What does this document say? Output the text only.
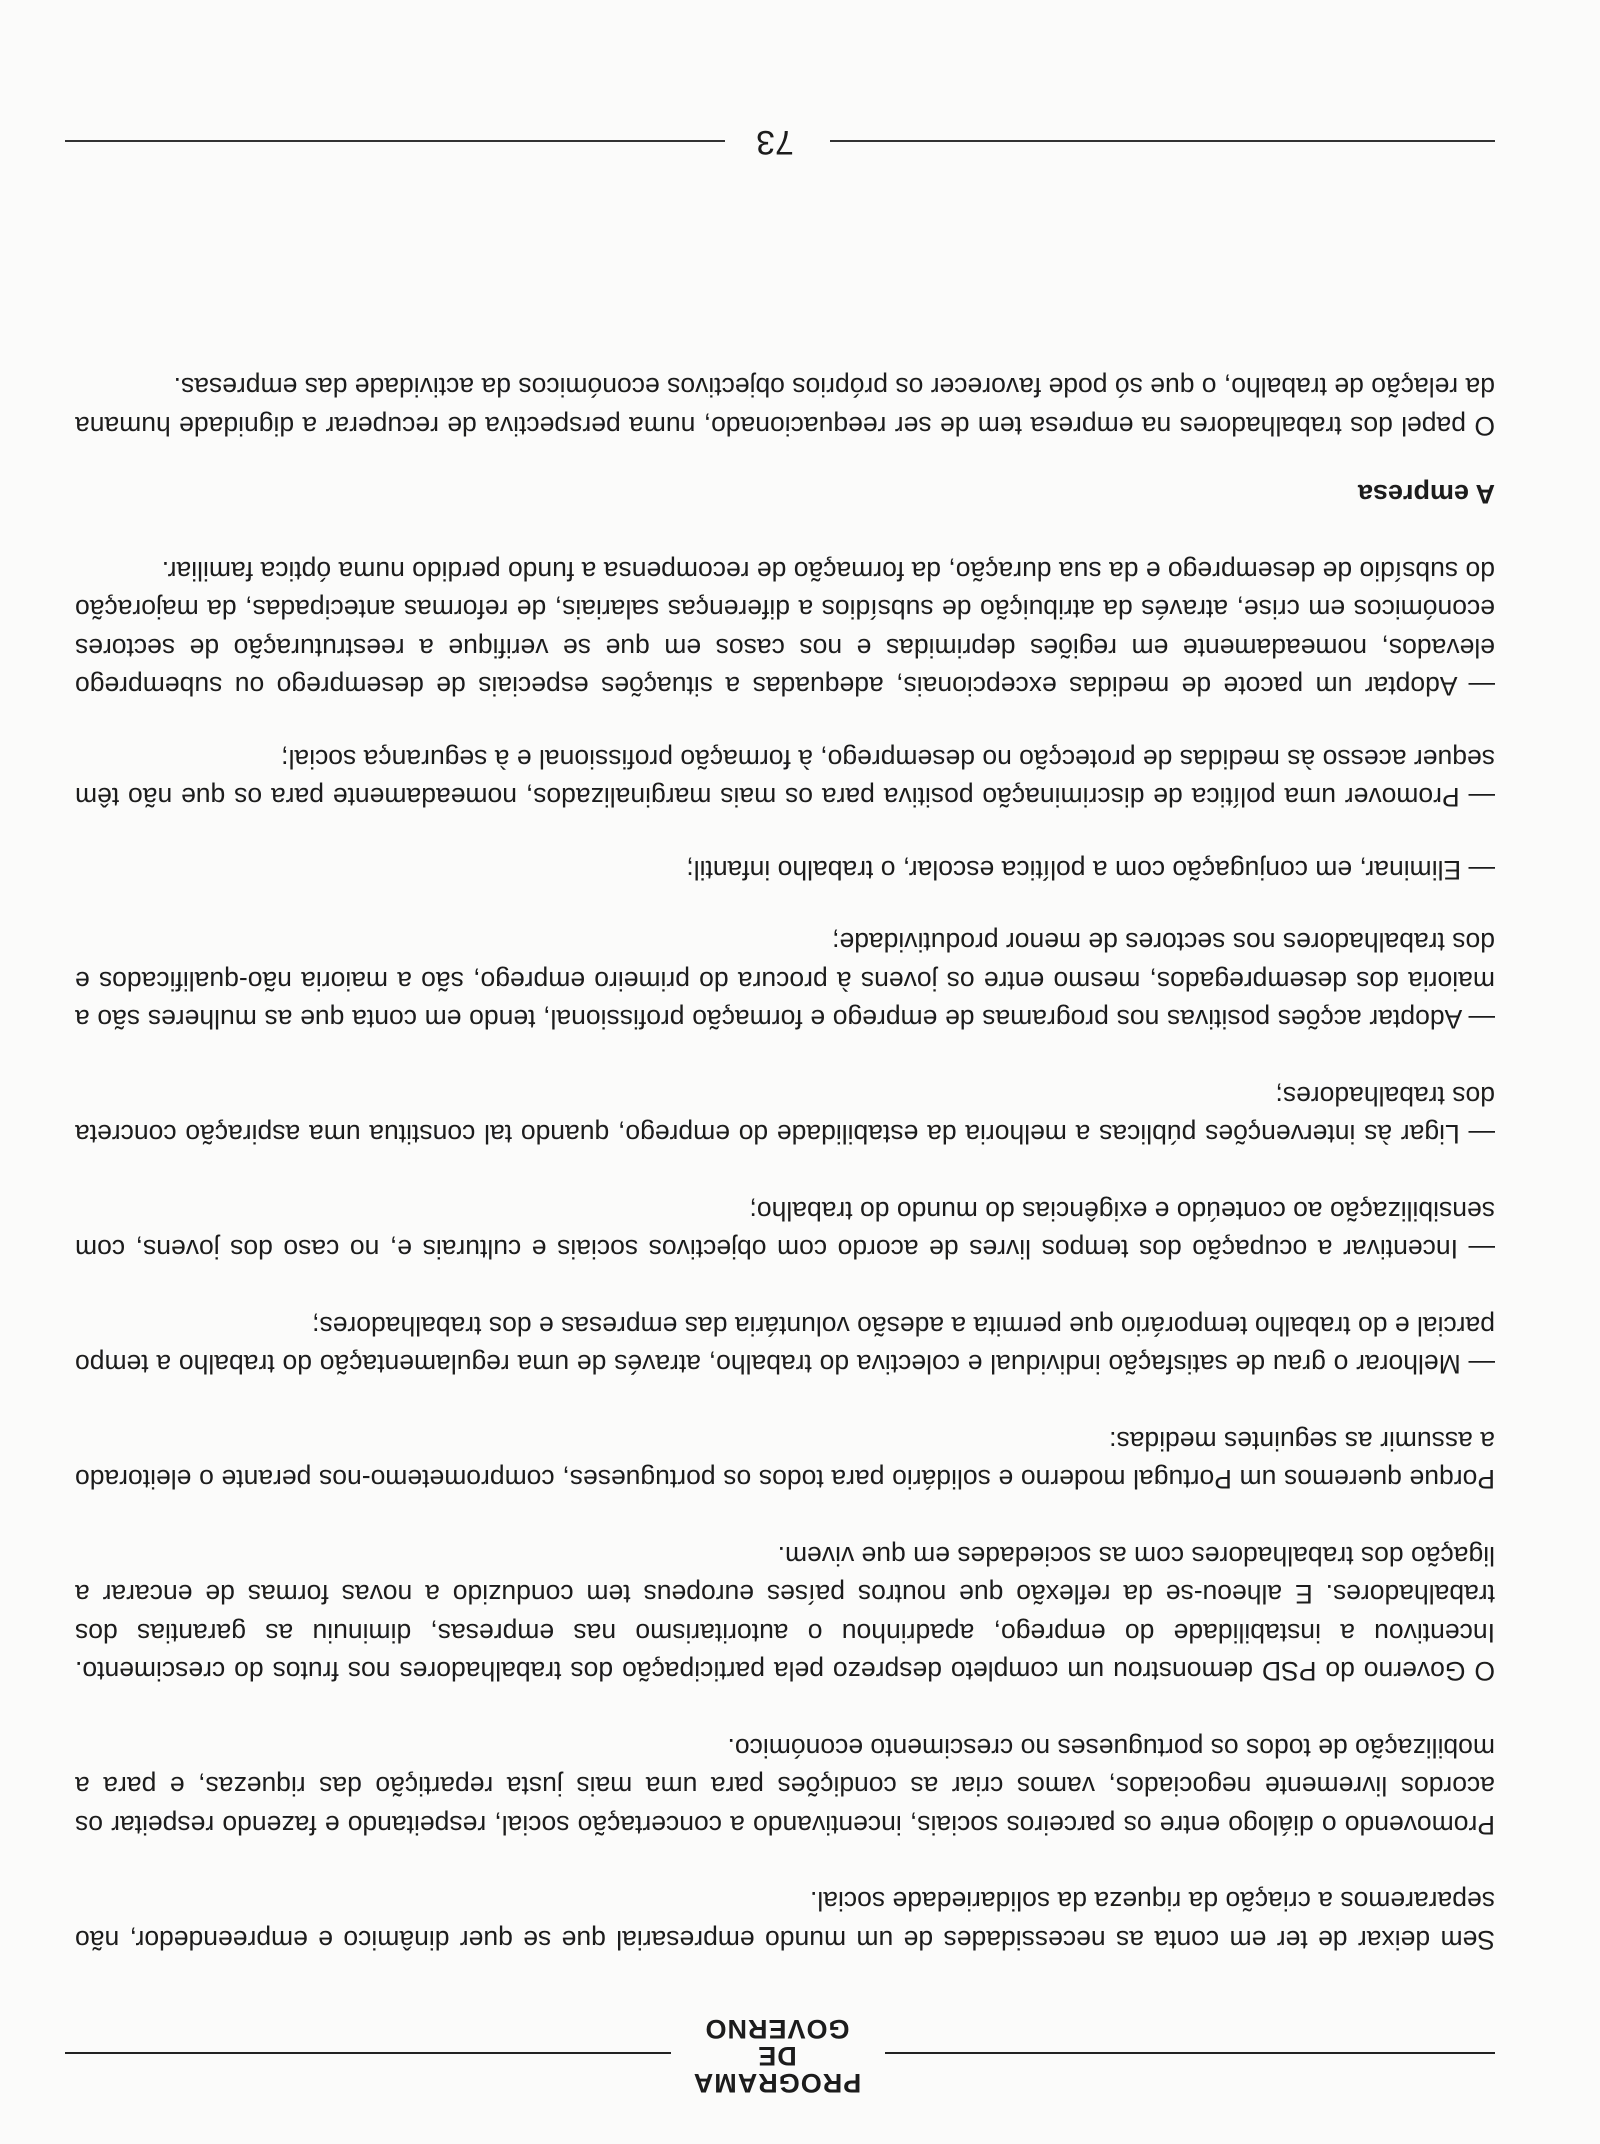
PROGRAMA
DE GOVERNO

Sem deixar de ter em conta as necessidades de um mundo empresarial que se quer dinâmico e empreendedor, não separaremos a criação da riqueza da solidariedade social.

Promovendo o diálogo entre os parceiros sociais, incentivando a concertação social, respeitando e fazendo respeitar os acordos livremente negociados, vamos criar as condições para uma mais justa repartição das riquezas, e para a mobilização de todos os portugueses no crescimento económico.

O Governo do PSD demonstrou um completo desprezo pela participação dos trabalhadores nos frutos do crescimento. Incentivou a instabilidade do emprego, apadrinhou o autoritarismo nas empresas, diminuiu as garantias dos trabalhadores. E alheou-se da reflexão que noutros países europeus tem conduzido a novas formas de encarar a ligação dos trabalhadores com as sociedades em que vivem.

Porque queremos um Portugal moderno e solidário para todos os portugueses, comprometemo-nos perante o eleitorado a assumir as seguintes medidas:

— Melhorar o grau de satisfação individual e colectiva do trabalho, através de uma regulamentação do trabalho a tempo parcial e do trabalho temporário que permita a adesão voluntária das empresas e dos trabalhadores;

— Incentivar a ocupação dos tempos livres de acordo com objectivos sociais e culturais e, no caso dos jovens, com sensibilização ao conteúdo e exigências do mundo do trabalho;

— Ligar às intervenções públicas a melhoria da estabilidade do emprego, quando tal constitua uma aspiração concreta dos trabalhadores;

— Adoptar acções positivas nos programas de emprego e formação profissional, tendo em conta que as mulheres são a maioria dos desempregados, mesmo entre os jovens à procura do primeiro emprego, são a maioria não-qualificados e dos trabalhadores nos sectores de menor produtividade;

— Eliminar, em conjugação com a política escolar, o trabalho infantil;

— Promover uma política de discriminação positiva para os mais marginalizados, nomeadamente para os que não têm sequer acesso às medidas de protecção no desemprego, à formação profissional e à segurança social;

— Adoptar um pacote de medidas excepcionais, adequadas a situações especiais de desemprego ou subemprego elevados, nomeadamente em regiões deprimidas e nos casos em que se verifique a reestruturação de sectores económicos em crise, através da atribuição de subsídios a diferenças salariais, de reformas antecipadas, da majoração do subsídio de desemprego e da sua duração, da formação de recompensa a fundo perdido numa óptica familiar.

A empresa

O papel dos trabalhadores na empresa tem de ser reequacionado, numa perspectiva de recuperar a dignidade humana da relação de trabalho, o que só pode favorecer os próprios objectivos económicos da actividade das empresas.

73
